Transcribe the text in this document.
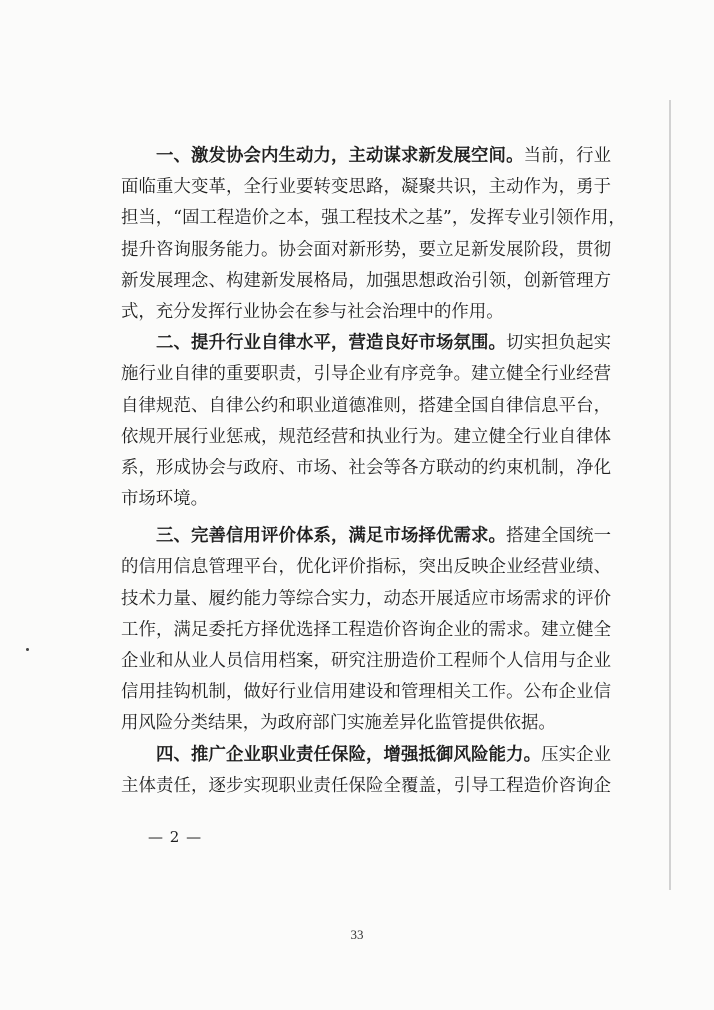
一、激发协会内生动力，主动谋求新发展空间。当前，行业
面临重大变革，全行业要转变思路，凝聚共识，主动作为，勇于
担当，“固工程造价之本，强工程技术之基”，发挥专业引领作用，
提升咨询服务能力。协会面对新形势，要立足新发展阶段，贯彻
新发展理念、构建新发展格局，加强思想政治引领，创新管理方
式，充分发挥行业协会在参与社会治理中的作用。
二、提升行业自律水平，营造良好市场氛围。切实担负起实
施行业自律的重要职责，引导企业有序竞争。建立健全行业经营
自律规范、自律公约和职业道德准则，搭建全国自律信息平台，
依规开展行业惩戒，规范经营和执业行为。建立健全行业自律体
系，形成协会与政府、市场、社会等各方联动的约束机制，净化
市场环境。
三、完善信用评价体系，满足市场择优需求。搭建全国统一
的信用信息管理平台，优化评价指标，突出反映企业经营业绩、
技术力量、履约能力等综合实力，动态开展适应市场需求的评价
工作，满足委托方择优选择工程造价咨询企业的需求。建立健全
企业和从业人员信用档案，研究注册造价工程师个人信用与企业
信用挂钩机制，做好行业信用建设和管理相关工作。公布企业信
用风险分类结果，为政府部门实施差异化监管提供依据。
四、推广企业职业责任保险，增强抵御风险能力。压实企业
主体责任，逐步实现职业责任保险全覆盖，引导工程造价咨询企
— 2 —
33
